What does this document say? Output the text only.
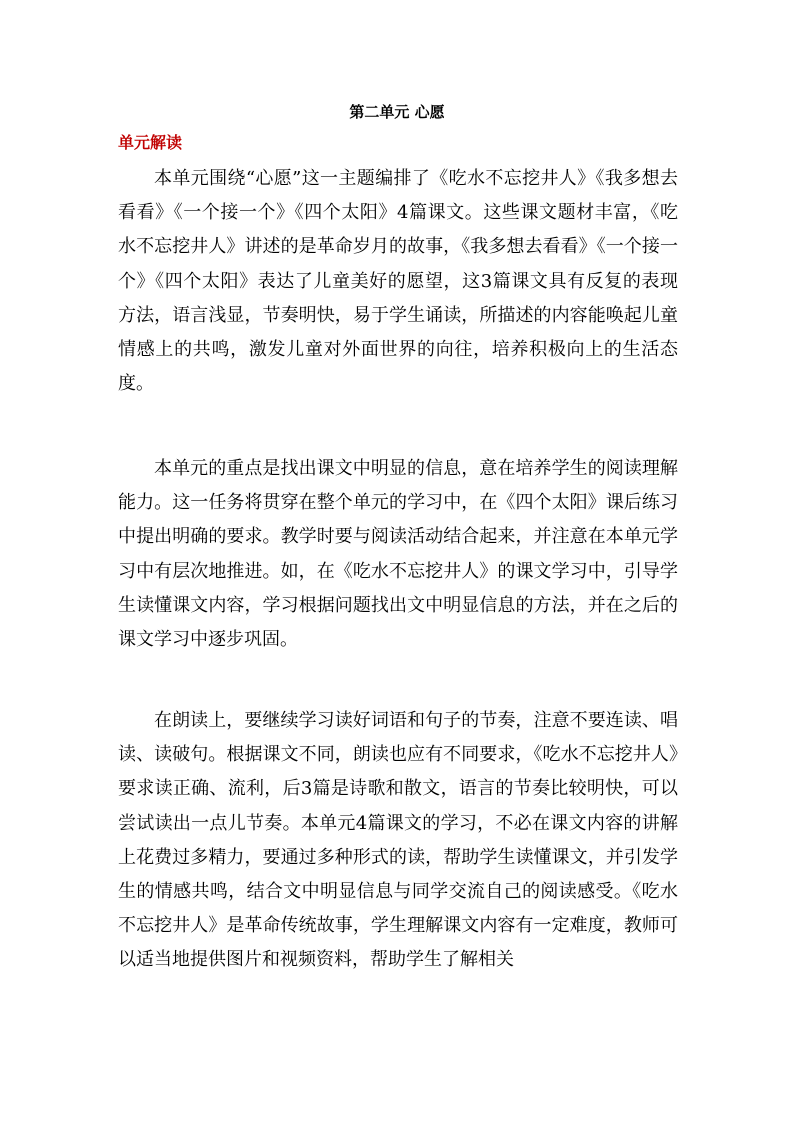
第二单元 心愿
单元解读

本单元围绕“心愿”这一主题编排了《吃水不忘挖井人》《我多想去看看》《一个接一个》《四个太阳》4篇课文。这些课文题材丰富，《吃水不忘挖井人》讲述的是革命岁月的故事，《我多想去看看》《一个接一个》《四个太阳》表达了儿童美好的愿望，这3篇课文具有反复的表现方法，语言浅显，节奏明快，易于学生诵读，所描述的内容能唤起儿童情感上的共鸣，激发儿童对外面世界的向往，培养积极向上的生活态度。

本单元的重点是找出课文中明显的信息，意在培养学生的阅读理解能力。这一任务将贯穿在整个单元的学习中，在《四个太阳》课后练习中提出明确的要求。教学时要与阅读活动结合起来，并注意在本单元学习中有层次地推进。如，在《吃水不忘挖井人》的课文学习中，引导学生读懂课文内容，学习根据问题找出文中明显信息的方法，并在之后的课文学习中逐步巩固。

在朗读上，要继续学习读好词语和句子的节奏，注意不要连读、唱读、读破句。根据课文不同，朗读也应有不同要求，《吃水不忘挖井人》要求读正确、流利，后3篇是诗歌和散文，语言的节奏比较明快，可以尝试读出一点儿节奏。本单元4篇课文的学习，不必在课文内容的讲解上花费过多精力，要通过多种形式的读，帮助学生读懂课文，并引发学生的情感共鸣，结合文中明显信息与同学交流自己的阅读感受。《吃水不忘挖井人》是革命传统故事，学生理解课文内容有一定难度，教师可以适当地提供图片和视频资料，帮助学生了解相关
